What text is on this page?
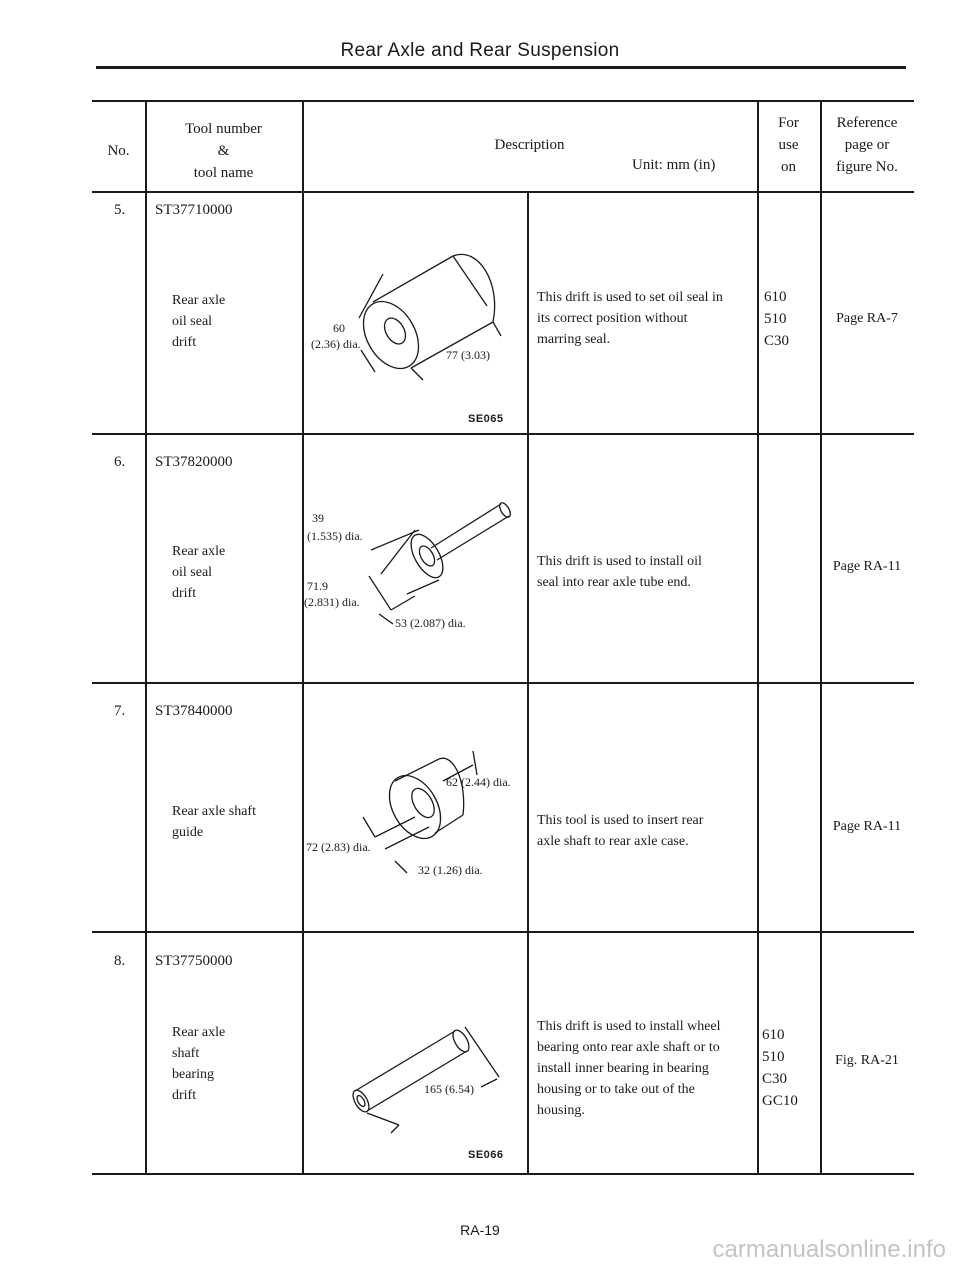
Rear Axle and Rear Suspension
No.
Tool number
&
tool name
Description
Unit: mm (in)
For
use
on
Reference
page or
figure No.
5. ST37710000
Rear axle
oil seal
drift
60
(2.36) dia.
77 (3.03)
SE065
This drift is used to set oil seal in
its correct position without
marring seal.
610
510
C30
Page RA-7
6. ST37820000
Rear axle
oil seal
drift
39
(1.535) dia.
71.9
(2.831) dia.
53 (2.087) dia.
This drift is used to install oil
seal into rear axle tube end.
Page RA-11
7. ST37840000
Rear axle shaft
guide
62 (2.44) dia.
72 (2.83) dia.
32 (1.26) dia.
This tool is used to insert rear
axle shaft to rear axle case.
Page RA-11
8. ST37750000
Rear axle
shaft
bearing
drift	165 (6.54)
SE066
This drift is used to install wheel
bearing onto rear axle shaft or to
install inner bearing in bearing
housing or to take out of the
housing.
610
510
C30
GC10
Fig. RA-21
RA-19
carmanualsonline.info
